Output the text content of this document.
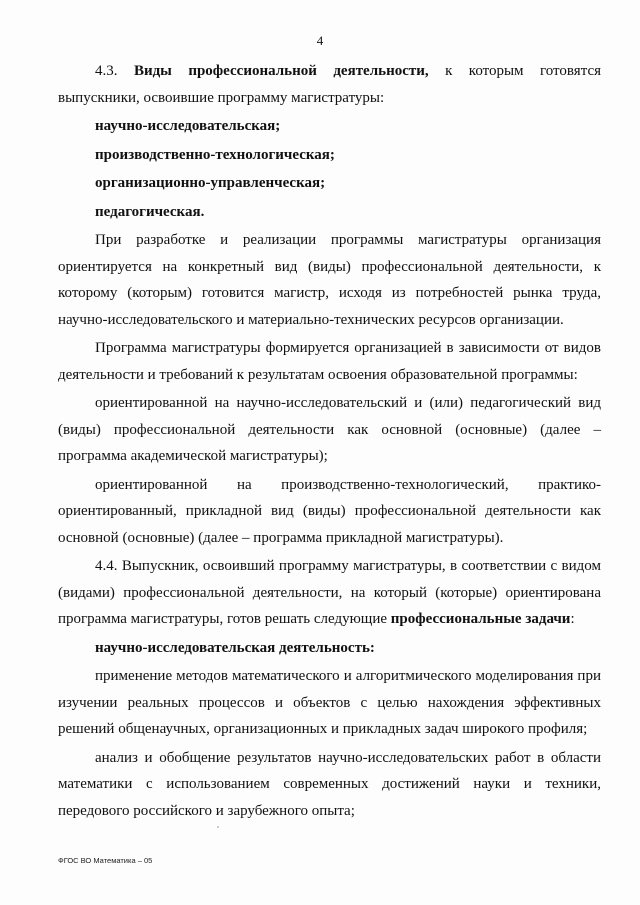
4

4.3. Виды профессиональной деятельности, к которым готовятся выпускники, освоившие программу магистратуры:

научно-исследовательская;

производственно-технологическая;

организационно-управленческая;

педагогическая.

При разработке и реализации программы магистратуры организация ориентируется на конкретный вид (виды) профессиональной деятельности, к которому (которым) готовится магистр, исходя из потребностей рынка труда, научно-исследовательского и материально-технических ресурсов организации.

Программа магистратуры формируется организацией в зависимости от видов деятельности и требований к результатам освоения образовательной программы:

ориентированной на научно-исследовательский и (или) педагогический вид (виды) профессиональной деятельности как основной (основные) (далее – программа академической магистратуры);

ориентированной на производственно-технологический, практико-ориентированный, прикладной вид (виды) профессиональной деятельности как основной (основные) (далее – программа прикладной магистратуры).

4.4. Выпускник, освоивший программу магистратуры, в соответствии с видом (видами) профессиональной деятельности, на который (которые) ориентирована программа магистратуры, готов решать следующие профессиональные задачи:

научно-исследовательская деятельность:

применение методов математического и алгоритмического моделирования при изучении реальных процессов и объектов с целью нахождения эффективных решений общенаучных, организационных и прикладных задач широкого профиля;

анализ и обобщение результатов научно-исследовательских работ в области математики с использованием современных достижений науки и техники, передового российского и зарубежного опыта;

ФГОС ВО Математика – 05
